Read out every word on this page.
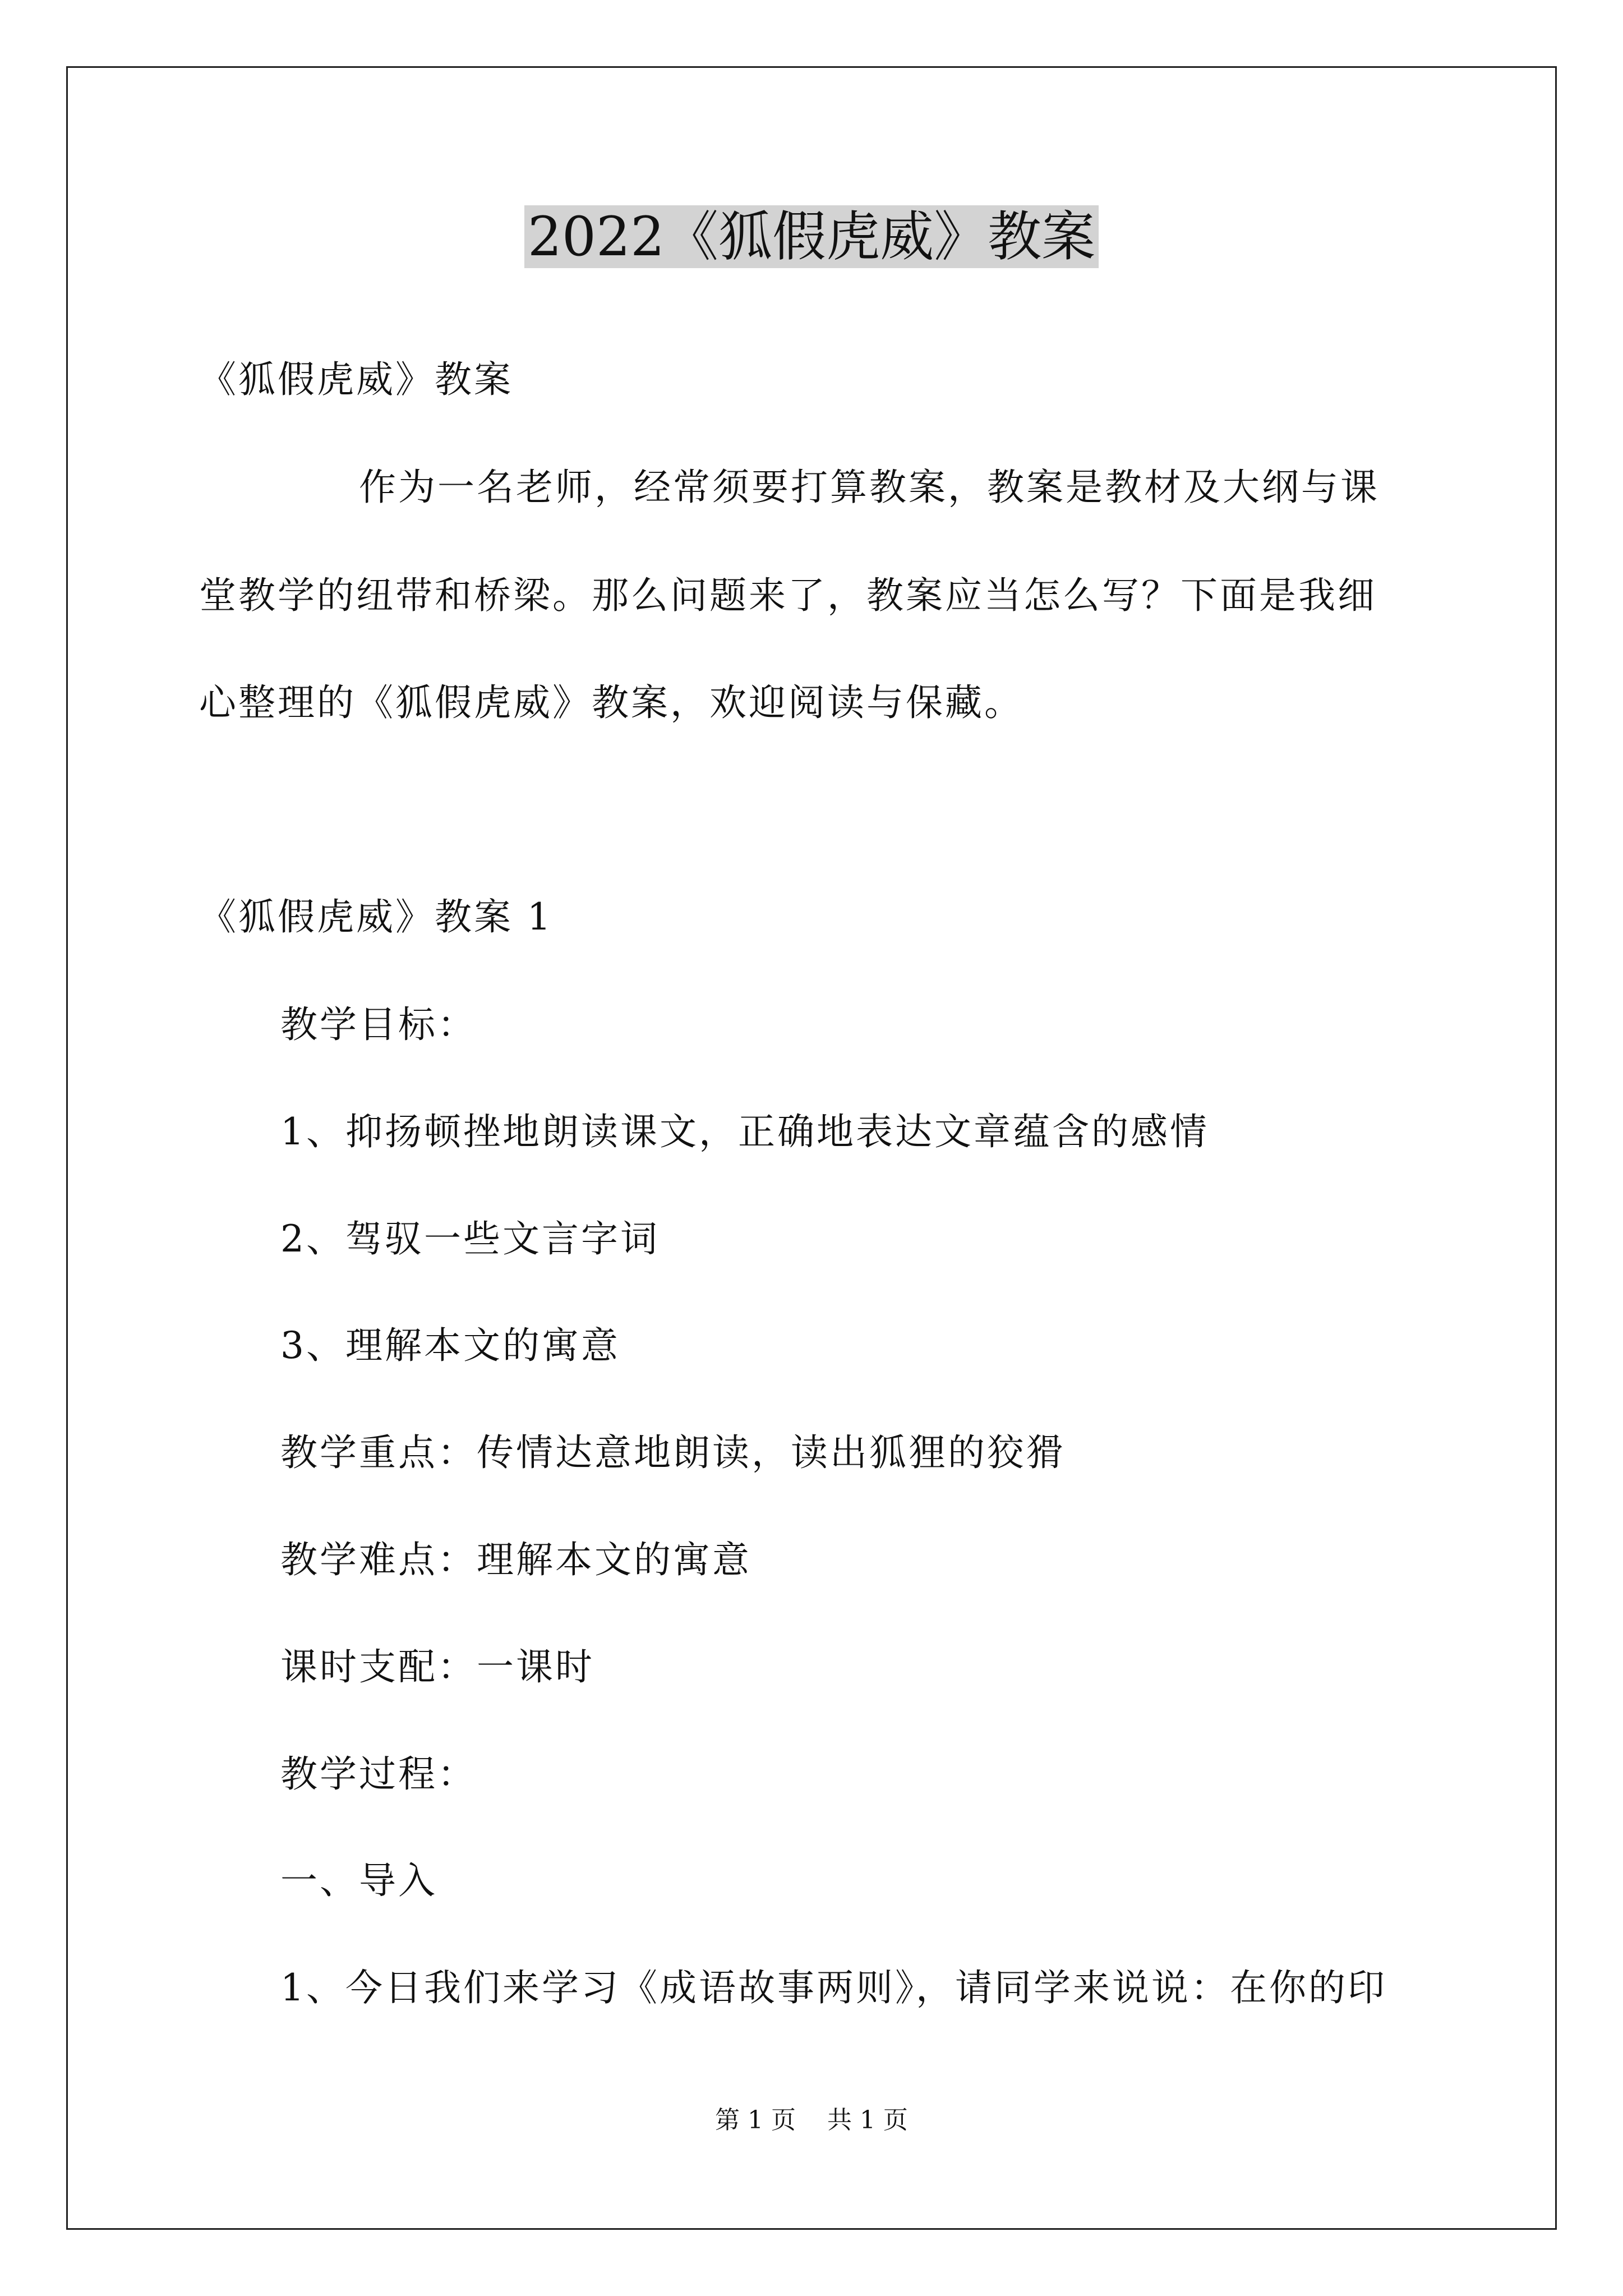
2022《狐假虎威》教案
《狐假虎威》教案
作为一名老师，经常须要打算教案，教案是教材及大纲与课
堂教学的纽带和桥梁。那么问题来了，教案应当怎么写？下面是我细
心整理的《狐假虎威》教案，欢迎阅读与保藏。
《狐假虎威》教案 1
教学目标：
1、抑扬顿挫地朗读课文，正确地表达文章蕴含的感情
2、驾驭一些文言字词
3、理解本文的寓意
教学重点：传情达意地朗读，读出狐狸的狡猾
教学难点：理解本文的寓意
课时支配：一课时
教学过程：
一、导入
1、今日我们来学习《成语故事两则》，请同学来说说：在你的印
第 1 页    共 1 页
